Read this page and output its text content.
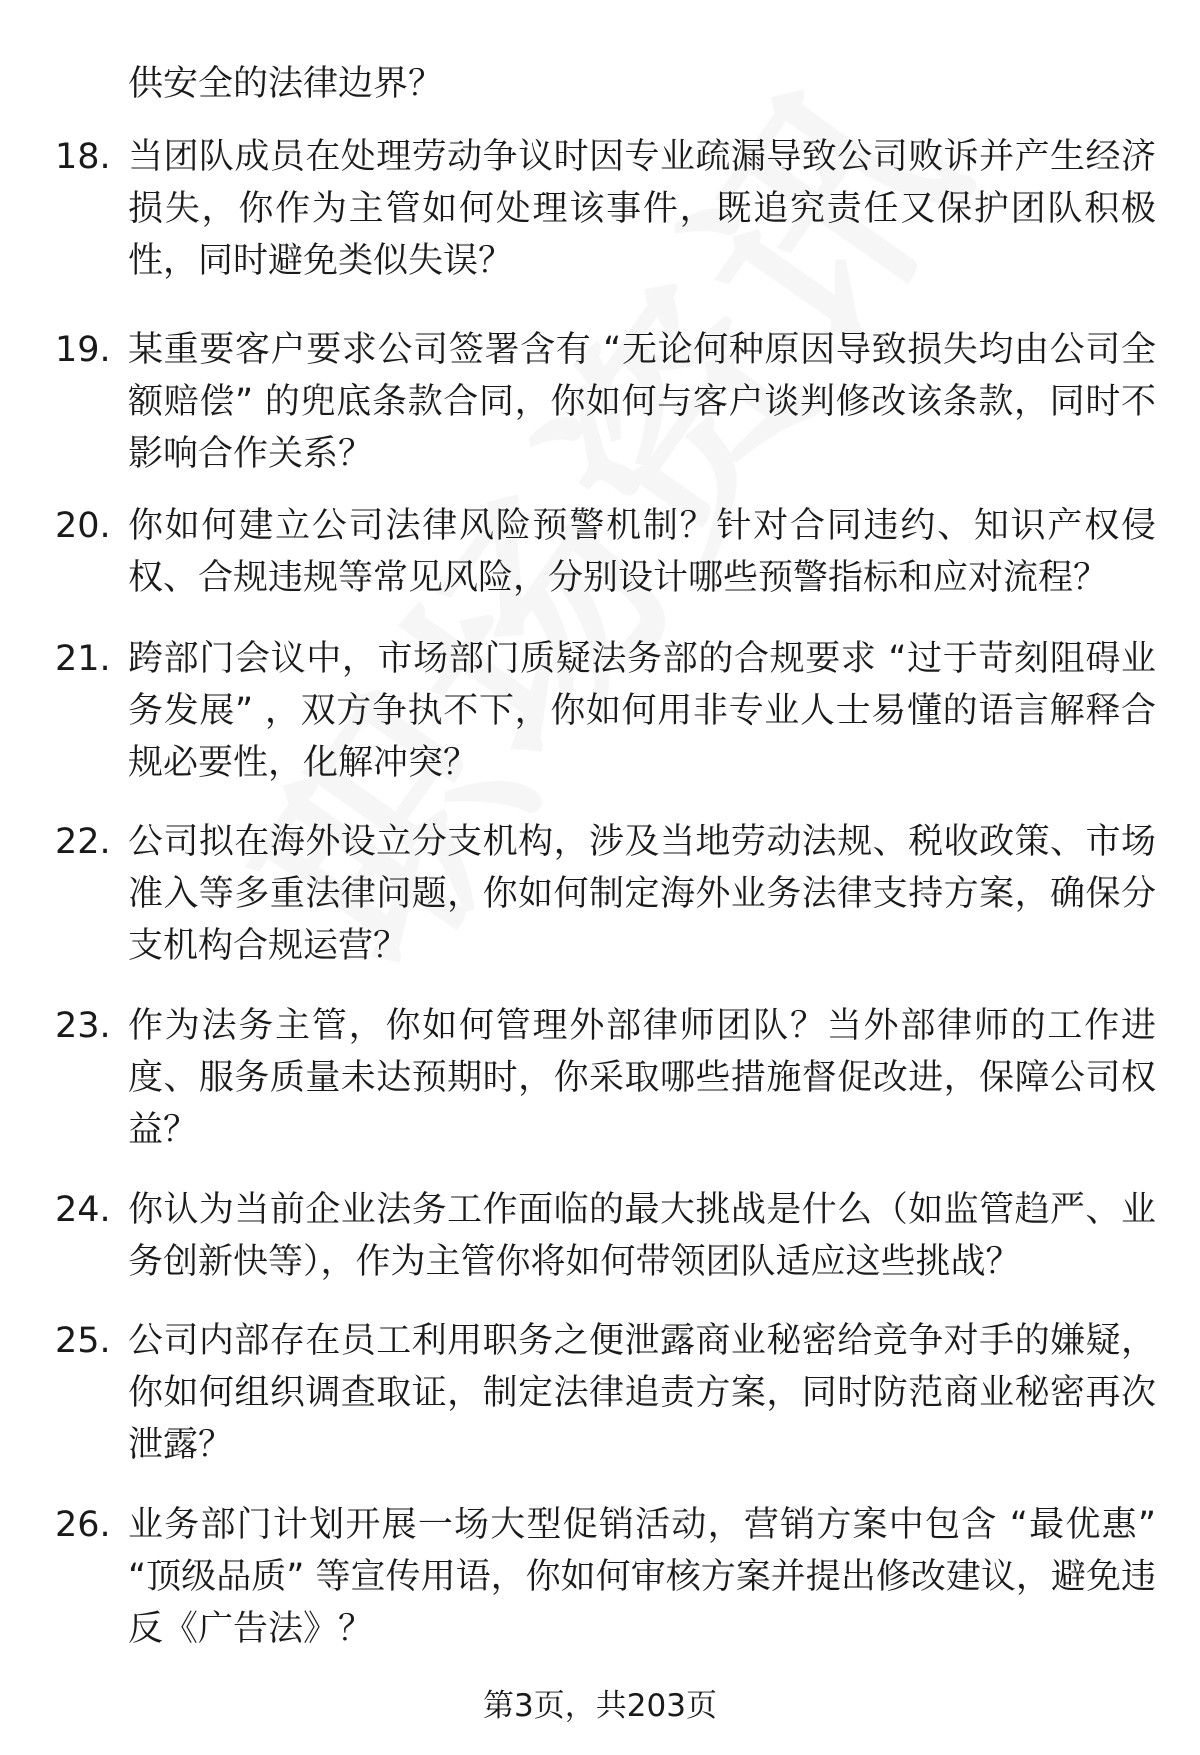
供安全的法律边界？
18. 当团队成员在处理劳动争议时因专业疏漏导致公司败诉并产生经济损失，你作为主管如何处理该事件，既追究责任又保护团队积极性，同时避免类似失误？
19. 某重要客户要求公司签署含有 “无论何种原因导致损失均由公司全额赔偿” 的兜底条款合同，你如何与客户谈判修改该条款，同时不影响合作关系？
20. 你如何建立公司法律风险预警机制？针对合同违约、知识产权侵权、合规违规等常见风险，分别设计哪些预警指标和应对流程？
21. 跨部门会议中，市场部门质疑法务部的合规要求 “过于苛刻阻碍业务发展” ，双方争执不下，你如何用非专业人士易懂的语言解释合规必要性，化解冲突？
22. 公司拟在海外设立分支机构，涉及当地劳动法规、税收政策、市场准入等多重法律问题，你如何制定海外业务法律支持方案，确保分支机构合规运营？
23. 作为法务主管，你如何管理外部律师团队？当外部律师的工作进度、服务质量未达预期时，你采取哪些措施督促改进，保障公司权益？
24. 你认为当前企业法务工作面临的最大挑战是什么（如监管趋严、业务创新快等），作为主管你将如何带领团队适应这些挑战？
25. 公司内部存在员工利用职务之便泄露商业秘密给竞争对手的嫌疑，你如何组织调查取证，制定法律追责方案，同时防范商业秘密再次泄露？
26. 业务部门计划开展一场大型促销活动，营销方案中包含 “最优惠” “顶级品质” 等宣传用语，你如何审核方案并提出修改建议，避免违反《广告法》？
第3页，共203页
